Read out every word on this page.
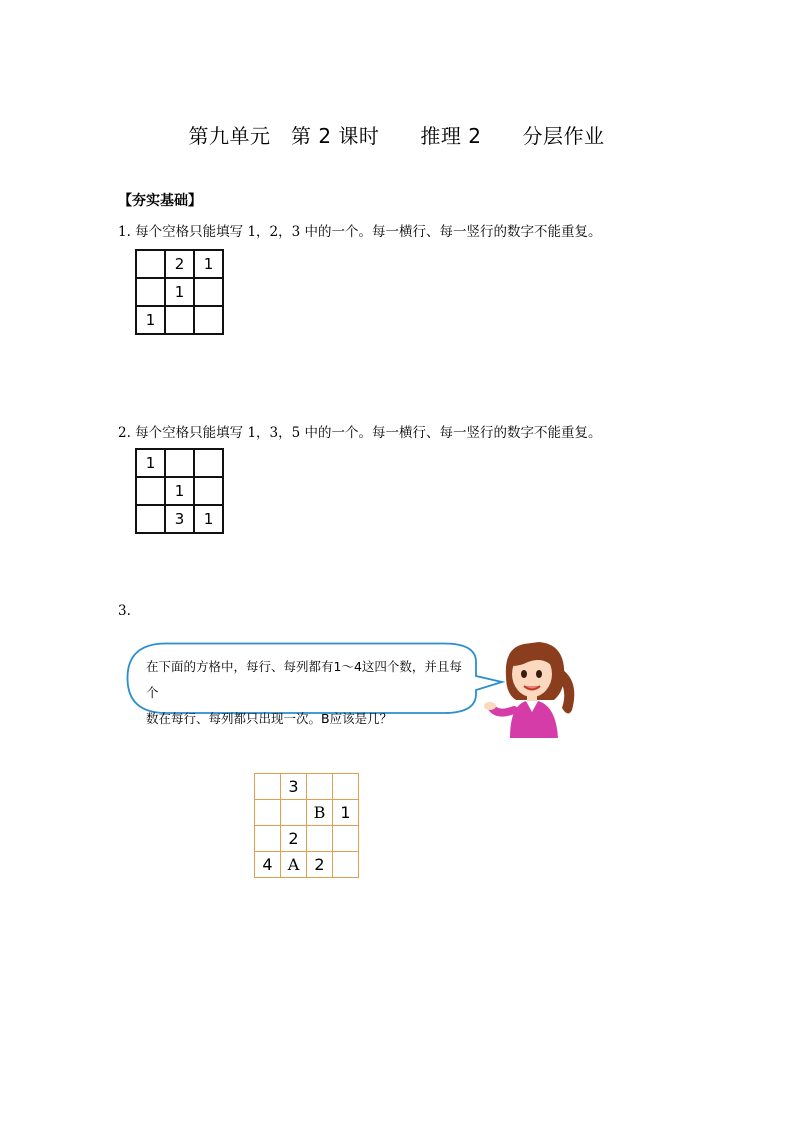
第九单元　第 2 课时　　推理 2　　分层作业
【夯实基础】
1. 每个空格只能填写 1，2，3 中的一个。每一横行、每一竖行的数字不能重复。
	2	1
	1	
1		
2. 每个空格只能填写 1，3，5 中的一个。每一横行、每一竖行的数字不能重复。
1		
	1	
	3	1
3.
在下面的方格中，每行、每列都有1～4这四个数，并且每个
数在每行、每列都只出现一次。B应该是几？
	3		
		B	1
	2		
4	A	2	
